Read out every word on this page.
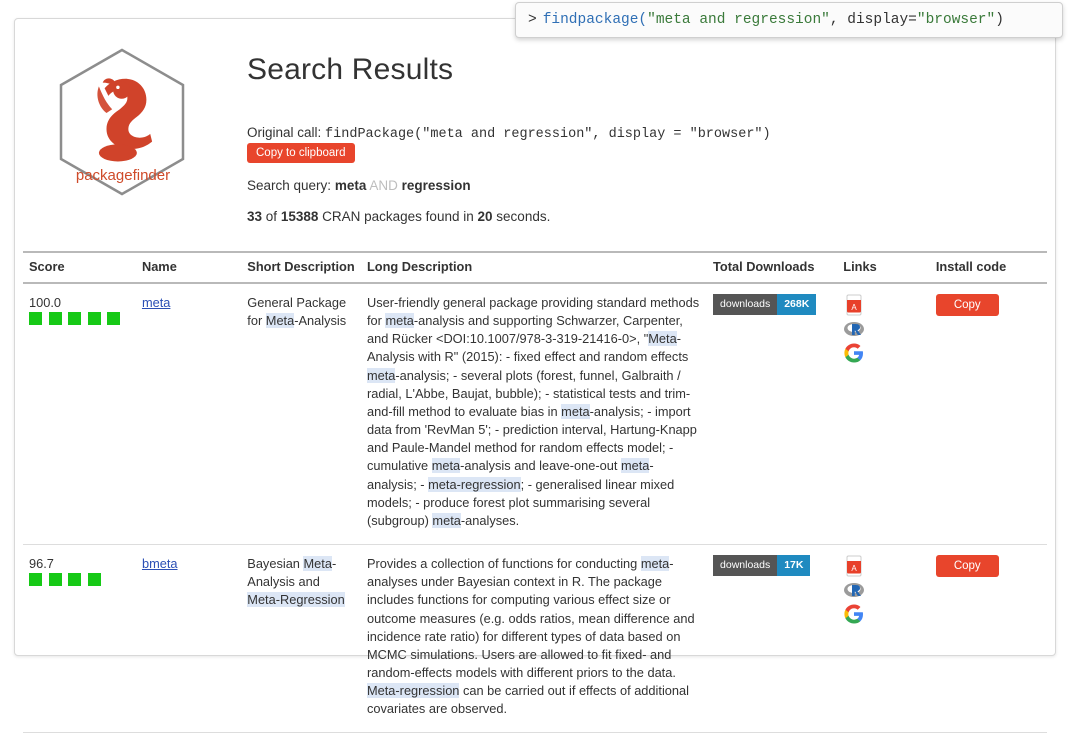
packagefinder
Search Results
Original call: findPackage("meta and regression", display = "browser")
Copy to clipboard
Search query: meta AND regression
33 of 15388 CRAN packages found in 20 seconds.
Score	Name	Short Description	Long Description	Total Downloads	Links	Install code
100.0	meta	General Package for Meta-Analysis	User-friendly general package providing standard methods for meta-analysis and supporting Schwarzer, Carpenter, and Rücker <DOI:10.1007/978-3-319-21416-0>, "Meta-Analysis with R" (2015): - fixed effect and random effects meta-analysis; - several plots (forest, funnel, Galbraith / radial, L'Abbe, Baujat, bubble); - statistical tests and trim-and-fill method to evaluate bias in meta-analysis; - import data from 'RevMan 5'; - prediction interval, Hartung-Knapp and Paule-Mandel method for random effects model; - cumulative meta-analysis and leave-one-out meta-analysis; - meta-regression; - generalised linear mixed models; - produce forest plot summarising several (subgroup) meta-analyses.	downloads 268K	A	Copy
96.7	bmeta	Bayesian Meta-Analysis and Meta-Regression	Provides a collection of functions for conducting meta-analyses under Bayesian context in R. The package includes functions for computing various effect size or outcome measures (e.g. odds ratios, mean difference and incidence rate ratio) for different types of data based on MCMC simulations. Users are allowed to fit fixed- and random-effects models with different priors to the data. Meta-regression can be carried out if effects of additional covariates are observed.	downloads 17K	A	Copy
> findpackage( "meta and regression" , display= "browser" )
